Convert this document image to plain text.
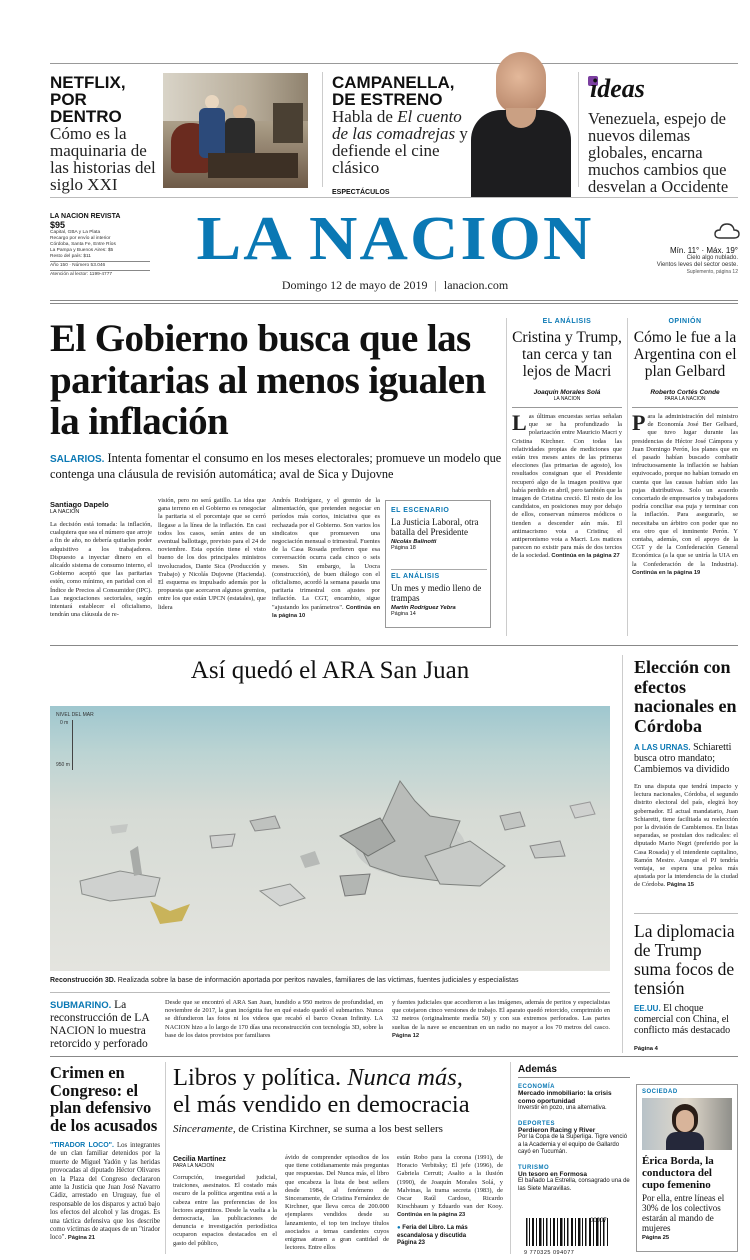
NETFLIX, POR DENTRO
Cómo es la maquinaria de las historias del siglo XXI
LA NACION REVISTA
CAMPANELLA, DE ESTRENO
Habla de El cuento de las comadrejas y defiende el cine clásico
ESPECTÁCULOS
ideas
Venezuela, espejo de nuevos dilemas globales, encarna muchos cambios que desvelan a Occidente
$95
Capital, GBA y La Plata
Recargo por envío al interior
Córdoba, Santa Fe, Entre Ríos
La Pampa y Buenos Aires: $5
Resto del país: $11
Año 150 · Número 53.046
Atención al lector: 1199-4777
LA NACION	Mín. 11° · Máx. 19°
Cielo algo nublado.
Vientos leves del sector oeste.
Suplemento, página 12
Domingo 12 de mayo de 2019 | lanacion.com
El Gobierno busca que las paritarias al menos igualen la inflación
SALARIOS. Intenta fomentar el consumo en los meses electorales; promueve un modelo que contenga una cláusula de revisión automática; aval de Sica y Dujovne
Santiago Dapelo
LA NACION
La decisión está tomada: la inflación, cualquiera que sea el número que arroje a fin de año, no debería quitarles poder adquisitivo a los trabajadores. Dispuesto a inyectar dinero en el alicaído sistema de consumo interno, el Gobierno aceptó que las paritarias estén, como mínimo, en paridad con el Índice de Precios al Consumidor (IPC). Las negociaciones sectoriales, según intentará establecer el oficialismo, tendrán una cláusula de re-
visión, pero no será gatillo. La idea que gana terreno en el Gobierno es renegociar la paritaria si el porcentaje que se cerró llegase a la línea de la inflación. En casi todos los casos, serán antes de un eventual ballottage, previsto para el 24 de noviembre. Esta opción tiene el visto bueno de los dos principales ministros involucrados, Dante Sica (Producción y Trabajo) y Nicolás Dujovne (Hacienda). El esquema es impulsado además por la propuesta que acercaron algunos gremios, entre los que están UPCN (estatales), que lidera
Andrés Rodríguez, y el gremio de la alimentación, que pretenden negociar en períodos más cortos, iniciativa que es rechazada por el Gobierno. Son varios los sindicatos que promueven una negociación mensual o trimestral. Fuentes de la Casa Rosada prefieren que esa conversación ocurra cada cinco o seis meses. Sin embargo, la Uocra (construcción), de buen diálogo con el oficialismo, acordó la semana pasada una paritaria trimestral con ajustes por inflación. La CGT, encambio, sigue "ajustando los parámetros". Continúa en la página 10
EL ESCENARIO
La Justicia Laboral, otra batalla del Presidente
Nicolás Balinotti
Página 18
EL ANÁLISIS
Un mes y medio lleno de trampas
Martín Rodríguez Yebra
Página 14
EL ANÁLISIS
Cristina y Trump, tan cerca y tan lejos de Macri
Joaquín Morales Solá
LA NACION
Las últimas encuestas serias señalan que se ha profundizado la polarización entre Mauricio Macri y Cristina Kirchner. Con todas las relatividades propias de mediciones que están tres meses antes de las primeras elecciones (las primarias de agosto), los resultados consignan que el Presidente recuperó algo de la imagen positiva que había perdido en abril, pero también que la imagen de Cristina creció. El resto de los candidatos, en posiciones muy por debajo de ellos, conservan números módicos o tienden a descender aún más. El antimacrismo vota a Cristina; el antiperonismo vota a Macri. Los matices parecen no existir para más de dos tercios de la sociedad. Continúa en la página 27
OPINIÓN
Cómo le fue a la Argentina con el plan Gelbard
Roberto Cortés Conde
PARA LA NACION
Para la administración del ministro de Economía José Ber Gelbard, que tuvo lugar durante las presidencias de Héctor José Cámpora y Juan Domingo Perón, los planes que en el pasado habían buscado combatir infructuosamente la inflación se habían equivocado, porque no habían tomado en cuenta que las causas habían sido las pujas distributivas. Solo un acuerdo concertado de empresarios y trabajadores podría conciliar esa puja y terminar con la inflación. Para asegurarlo, se necesitaba un árbitro con poder que no era otro que el inminente Perón. Y contaba, además, con el apoyo de la CGT y de la Confederación General Económica (a la que se uniría la UIA en la Confederación de la Industria). Continúa en la página 19
Así quedó el ARA San Juan
NIVEL DEL MAR
0 m
950 m
Reconstrucción 3D. Realizada sobre la base de información aportada por peritos navales, familiares de las víctimas, fuentes judiciales y especialistas
SUBMARINO. La reconstrucción de LA NACION lo muestra retorcido y perforado
Desde que se encontró el ARA San Juan, hundido a 950 metros de profundidad, en noviembre de 2017, la gran incógnita fue en qué estado quedó el submarino. Nunca se difundieron las fotos ni los videos que recabó el barco Ocean Infinity. LA NACION hizo a lo largo de 170 días una reconstrucción con tecnología 3D, sobre la base de los datos provistos por familiares
y fuentes judiciales que accedieron a las imágenes, además de peritos y especialistas que cotejaron cinco versiones de trabajo. El aparato quedó retorcido, comprimido en 32 metros (originalmente medía 50) y con sus extremos perforados. Las partes sueltas de la nave se encuentran en un radio no mayor a los 70 metros del casco. Página 12
Elección con efectos nacionales en Córdoba
A LAS URNAS. Schiaretti busca otro mandato; Cambiemos va dividido
En una disputa que tendrá impacto y lectura nacionales, Córdoba, el segundo distrito electoral del país, elegirá hoy gobernador. El actual mandatario, Juan Schiaretti, tiene facilitada su reelección por la división de Cambiemos. En listas separadas, se postulan dos radicales: el diputado Mario Negri (preferido por la Casa Rosada) y el intendente capitalino, Ramón Mestre. Aunque el PJ tendría ventaja, se espera una pelea más ajustada por la intendencia de la ciudad de Córdoba. Página 15
La diplomacia de Trump suma focos de tensión
EE.UU. El choque comercial con China, el conflicto más destacado
Página 4
Crimen en Congreso: el plan defensivo de los acusados
"TIRADOR LOCO". Los integrantes de un clan familiar detenidos por la muerte de Miguel Yadón y las heridas provocadas al diputado Héctor Olivares en la Plaza del Congreso declararon ante la Justicia que Juan José Navarro Cádiz, arrestado en Uruguay, fue el responsable de los disparos y actuó bajo los efectos del alcohol y las drogas. Es una táctica defensiva que los describe como víctimas de ataques de un "tirador loco". Página 21
Libros y política. Nunca más,
el más vendido en democracia
Sinceramente, de Cristina Kirchner, se suma a los best sellers
Cecilia Martínez
PARA LA NACION
Corrupción, inseguridad judicial, traiciones, asesinatos. El costado más oscuro de la política argentina está a la cabeza entre las preferencias de los lectores argentinos. Desde la vuelta a la democracia, las publicaciones de denuncia e investigación periodística ocuparon espacios destacados en el gasto del público,
ávido de comprender episodios de los que tiene cotidianamente más preguntas que respuestas. Del Nunca más, el libro que encabeza la lista de best sellers desde 1984, al fenómeno de Sinceramente, de Cristina Fernández de Kirchner, que lleva cerca de 200.000 ejemplares vendidos desde su lanzamiento, el top ten incluye títulos asociados a temas candentes cuyos enigmas atraen a gran cantidad de lectores. Entre ellos
están Robo para la corona (1991), de Horacio Verbitsky; El jefe (1996), de Gabriela Cerruti; Asalto a la ilusión (1990), de Joaquín Morales Solá, y Malvinas, la trama secreta (1983), de Oscar Raúl Cardoso, Ricardo Kirschbaum y Eduardo van der Kooy. Continúa en la página 23
● Feria del Libro. La más escandalosa y discutida
Página 23
Además
ECONOMÍA
Mercado inmobiliario: la crisis como oportunidad
Inverstir en pozo, una alternativa.
DEPORTES
Perdieron Racing y River
Por la Copa de la Superliga. Tigre venció a la Academia y el equipo de Gallardo cayó en Tucumán.
TURISMO
Un tesoro en Formosa
El bañado La Estrella, consagrado una de las Siete Maravillas.
9 770325 094077
00007
SOCIEDAD
Érica Borda, la conductora del cupo femenino
Por ella, entre líneas el 30% de los colectivos estarán al mando de mujeres
Página 25
